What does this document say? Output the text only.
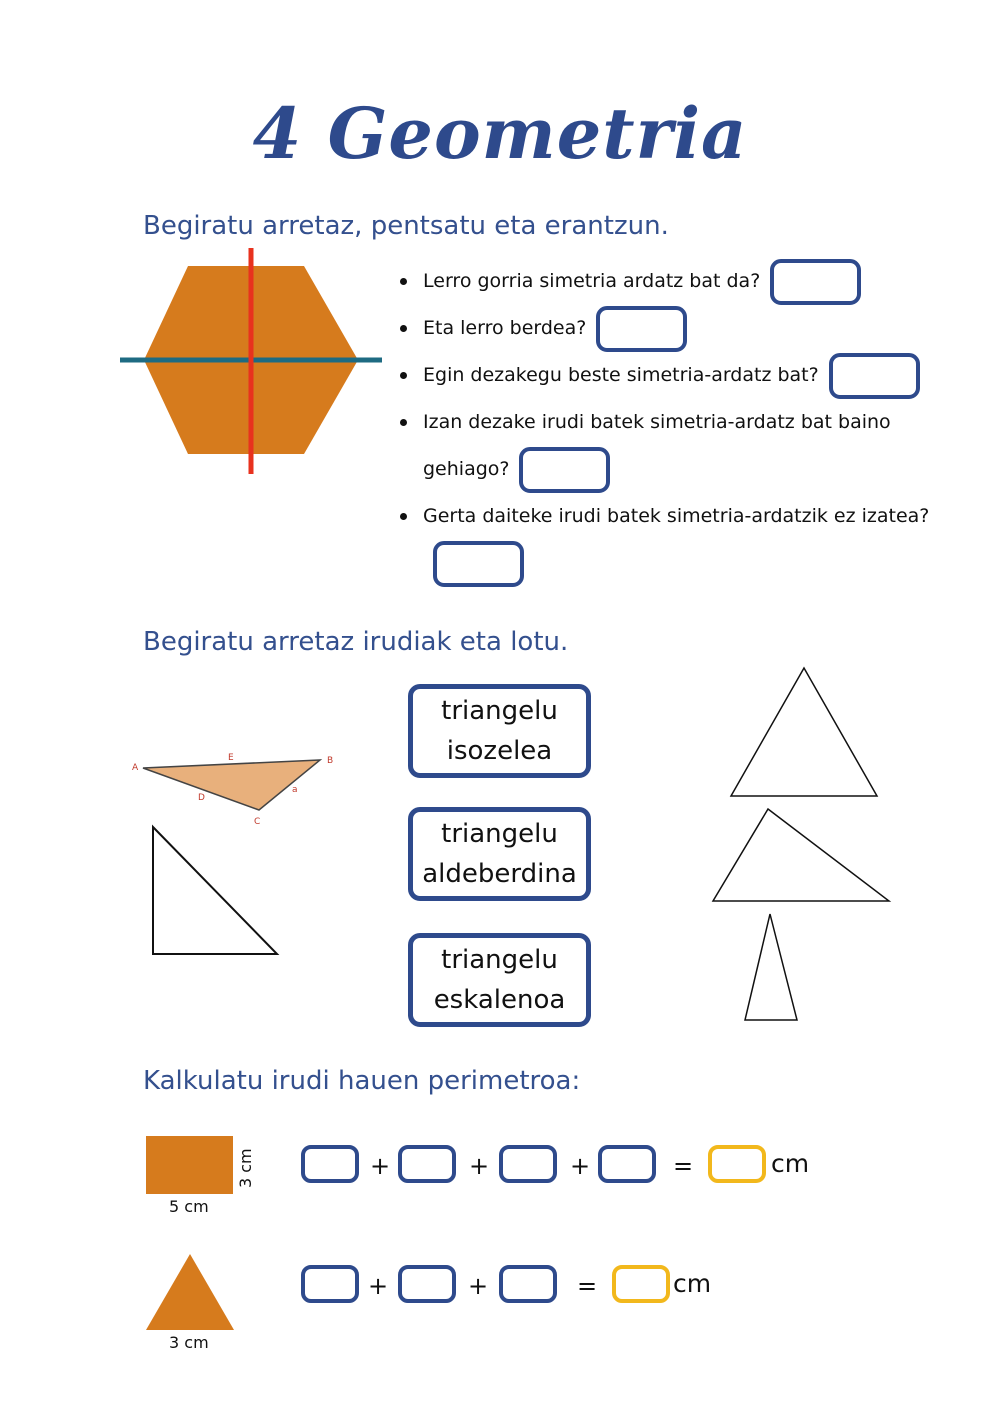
4 Geometria
Begiratu arretaz, pentsatu eta erantzun.
Lerro gorria simetria ardatz bat da?
Eta lerro berdea?
Egin dezakegu beste simetria-ardatz bat?
Izan dezake irudi batek simetria-ardatz bat baino gehiago?
Gerta daiteke irudi batek simetria-ardatzik ez izatea?
Begiratu arretaz irudiak eta lotu.
A
E	B
D
a
C
triangelu
isozelea
triangelu
aldeberdina
triangelu
eskalenoa
Kalkulatu irudi hauen perimetroa:
3 cm
5 cm
+	+	+	=	cm
3 cm
+	+	=	cm
